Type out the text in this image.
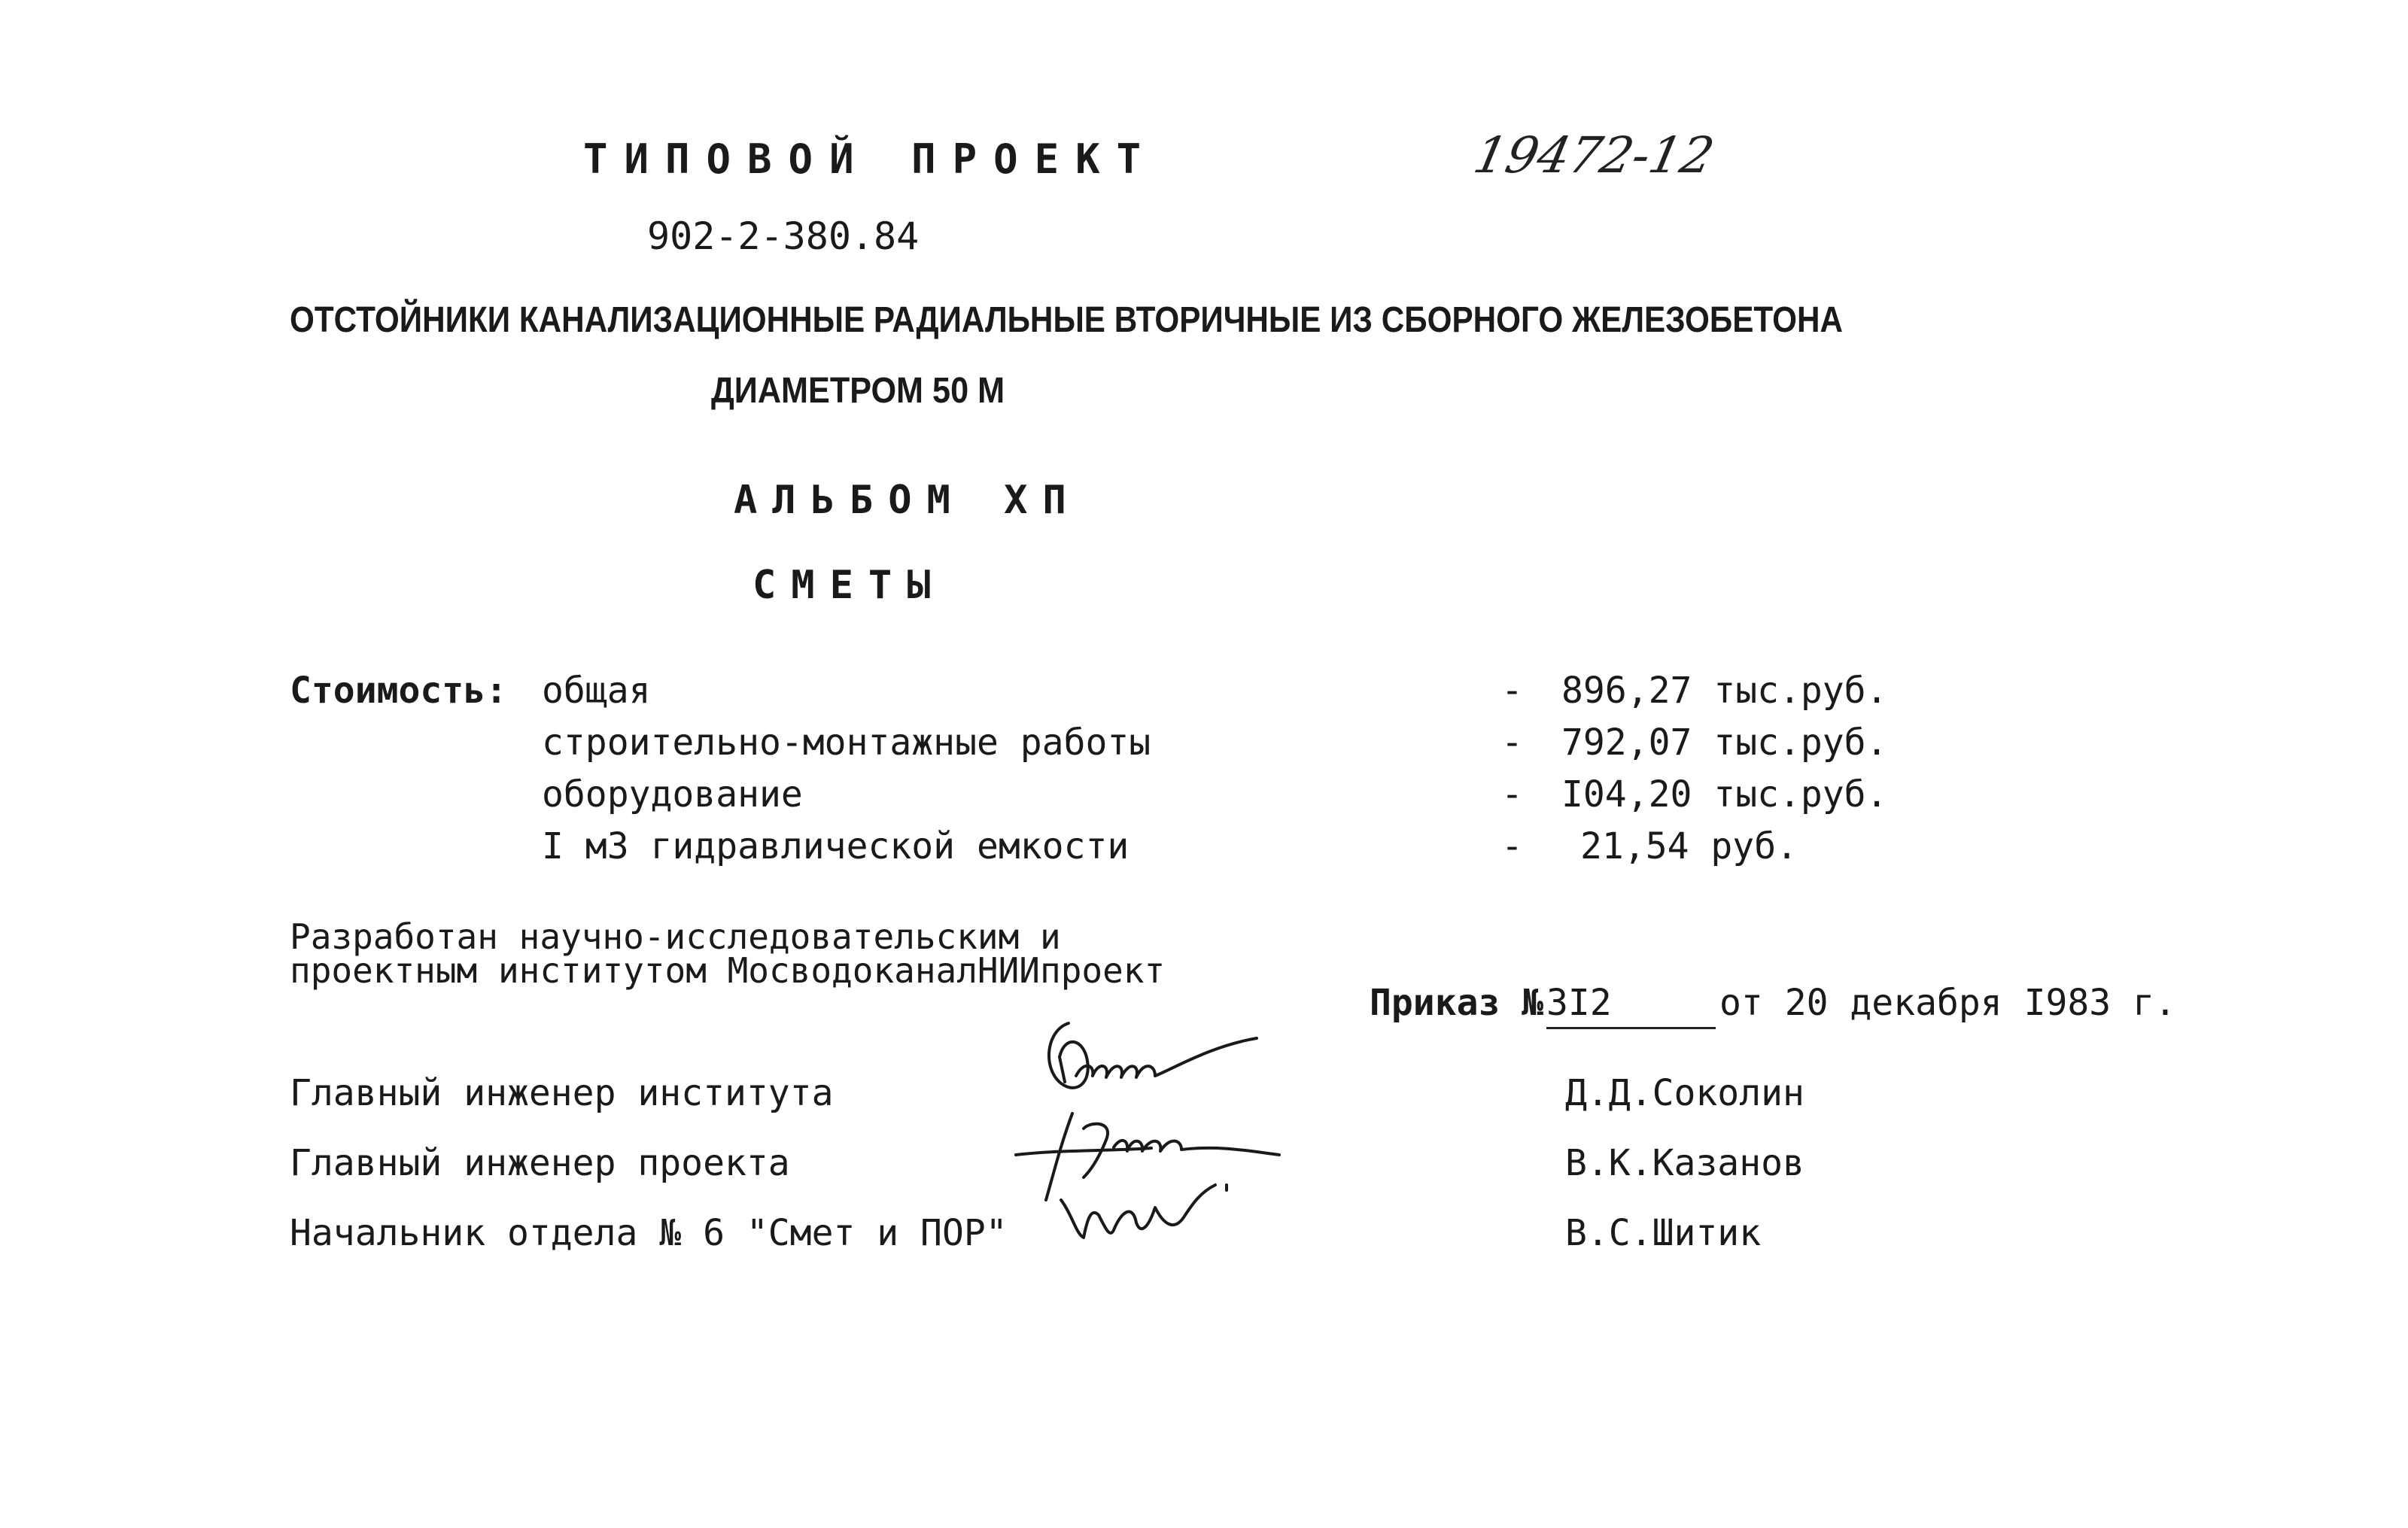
ТИПОВОЙ ПРОЕКТ	19472-12
902-2-380.84
ОТСТОЙНИКИ КАНАЛИЗАЦИОННЫЕ РАДИАЛЬНЫЕ ВТОРИЧНЫЕ ИЗ СБОРНОГО ЖЕЛЕЗОБЕТОНА
ДИАМЕТРОМ 50 М
АЛЬБОМ ХП
СМЕТЫ
Стоимость: общая	- 896,27 тыс.руб.
строительно-монтажные работы	- 792,07 тыс.руб.
оборудование	- I04,20 тыс.руб.
I м3 гидравлической емкости	- 21,54 руб.
Разработан научно-исследовательским и
проектным институтом МосводоканалНИИпроект
Приказ № 3I2	от 20 декабря I983 г.
Главный инженер института	Д.Д.Соколин
Главный инженер проекта	В.К.Казанов
Начальник отдела № 6 "Смет и ПОР"	В.С.Шитик
